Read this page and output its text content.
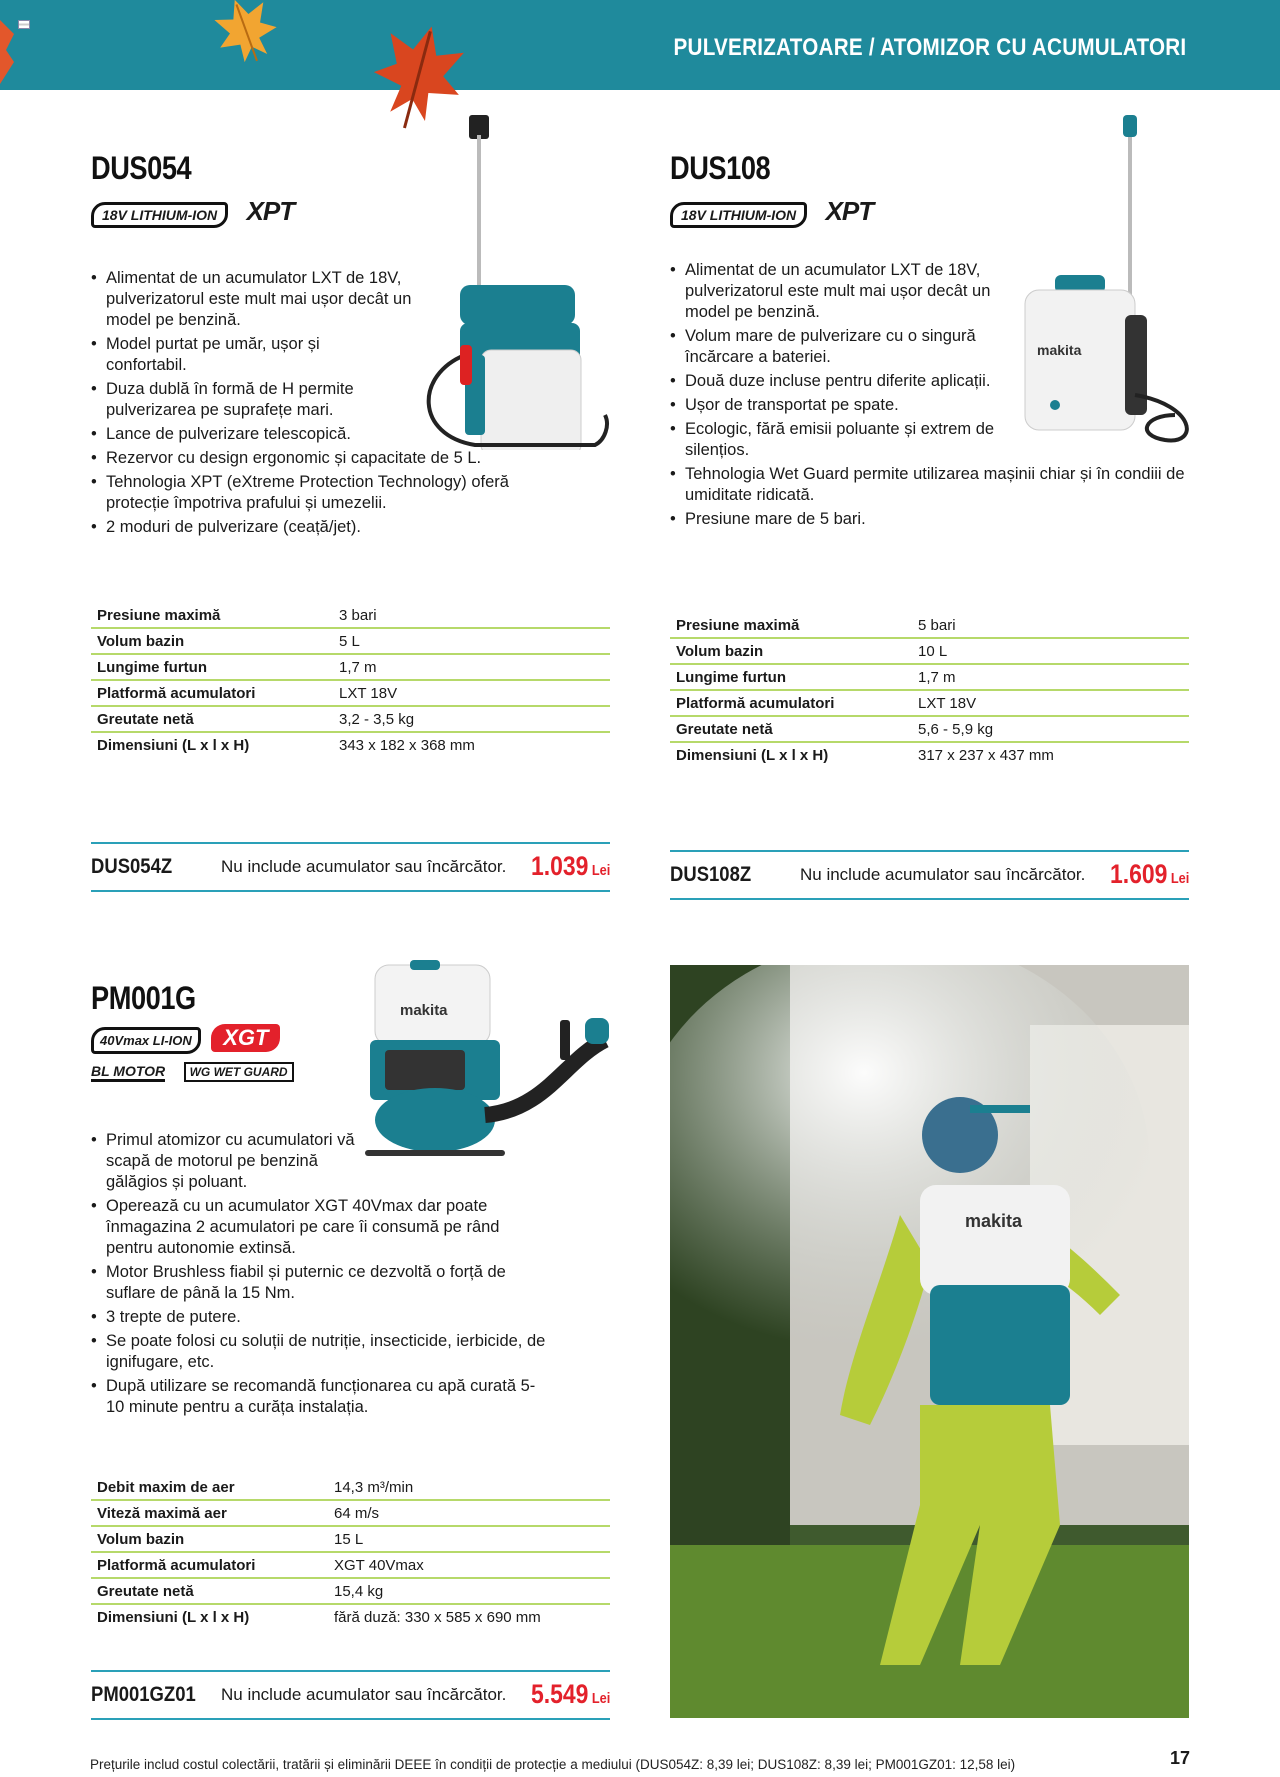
PULVERIZATOARE / ATOMIZOR CU ACUMULATORI
DUS054
18V LITHIUM-ION XPT
• Alimentat de un acumulator LXT de 18V, pulverizatorul este mult mai ușor decât un model pe benzină.
• Model purtat pe umăr, ușor și confortabil.
• Duza dublă în formă de H permite pulverizarea pe suprafețe mari.
• Lance de pulverizare telescopică.
• Rezervor cu design ergonomic și capacitate de 5 L.
• Tehnologia XPT (eXtreme Protection Technology) oferă protecție împotriva prafului și umezelii.
• 2 moduri de pulverizare (ceață/jet).
Presiune maximă	3 bari
Volum bazin	5 L
Lungime furtun	1,7 m
Platformă acumulatori	LXT 18V
Greutate netă	3,2 - 3,5 kg
Dimensiuni (L x l x H)	343 x 182 x 368 mm
DUS054Z	Nu include acumulator sau încărcător. 1.039 Lei
DUS108
18V LITHIUM-ION XPT
makita
• Alimentat de un acumulator LXT de 18V, pulverizatorul este mult mai ușor decât un model pe benzină.
• Volum mare de pulverizare cu o singură încărcare a bateriei.
• Două duze incluse pentru diferite aplicații.
• Ușor de transportat pe spate.
• Ecologic, fără emisii poluante și extrem de silențios.
• Tehnologia Wet Guard permite utilizarea mașinii chiar și în condiii de umiditate ridicată.
• Presiune mare de 5 bari.
Presiune maximă	5 bari
Volum bazin	10 L
Lungime furtun	1,7 m
Platformă acumulatori	LXT 18V
Greutate netă	5,6 - 5,9 kg
Dimensiuni (L x l x H)	317 x 237 x 437 mm
DUS108Z	Nu include acumulator sau încărcător. 1.609 Lei
PM001G
40Vmax LI-ION XGT
BL MOTOR WG WET GUARD
makita
• Primul atomizor cu acumulatori vă scapă de motorul pe benzină gălăgios și poluant.
• Operează cu un acumulator XGT 40Vmax dar poate înmagazina 2 acumulatori pe care îi consumă pe rând pentru autonomie extinsă.
• Motor Brushless fiabil și puternic ce dezvoltă o forță de suflare de până la 15 Nm.
• 3 trepte de putere.
• Se poate folosi cu soluții de nutriție, insecticide, ierbicide, de ignifugare, etc.
• După utilizare se recomandă funcționarea cu apă curată 5-10 minute pentru a curăța instalația.
Debit maxim de aer	14,3 m³/min
Viteză maximă aer	64 m/s
Volum bazin	15 L
Platformă acumulatori	XGT 40Vmax
Greutate netă	15,4 kg
Dimensiuni (L x l x H)	fără duză: 330 x 585 x 690 mm
PM001GZ01 Nu include acumulator sau încărcător. 5.549 Lei
makita
Prețurile includ costul colectării, tratării și eliminării DEEE în condiții de protecție a mediului (DUS054Z: 8,39 lei; DUS108Z: 8,39 lei; PM001GZ01: 12,58 lei)	17
